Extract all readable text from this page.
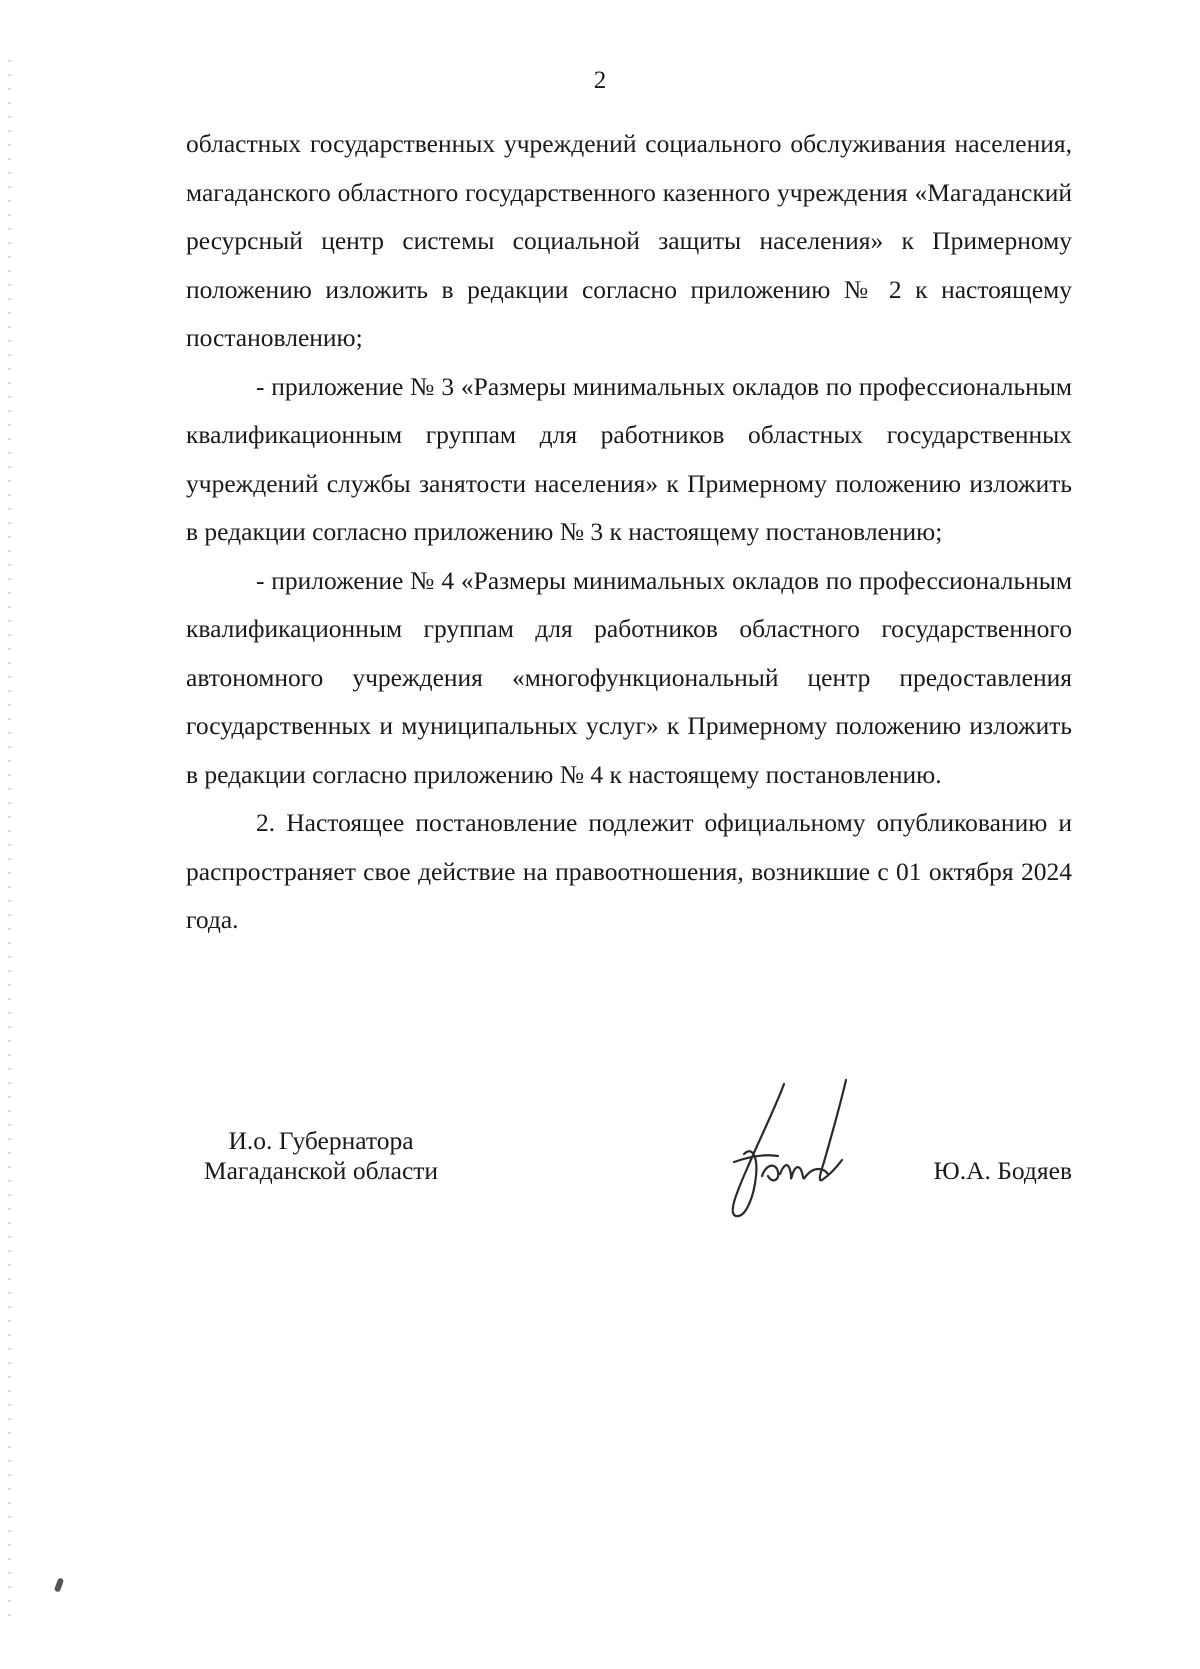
2

областных государственных учреждений социального обслуживания населения, магаданского областного государственного казенного учреждения «Магаданский ресурсный центр системы социальной защиты населения» к Примерному положению изложить в редакции согласно приложению № 2 к настоящему постановлению;

- приложение № 3 «Размеры минимальных окладов по профессиональным квалификационным группам для работников областных государственных учреждений службы занятости населения» к Примерному положению изложить в редакции согласно приложению № 3 к настоящему постановлению;

- приложение № 4 «Размеры минимальных окладов по профессиональным квалификационным группам для работников областного государственного автономного учреждения «многофункциональный центр предоставления государственных и муниципальных услуг» к Примерному положению изложить в редакции согласно приложению № 4 к настоящему постановлению.

2. Настоящее постановление подлежит официальному опубликованию и распространяет свое действие на правоотношения, возникшие с 01 октября 2024 года.

И.о. Губернатора
Магаданской области	Ю.А. Бодяев
